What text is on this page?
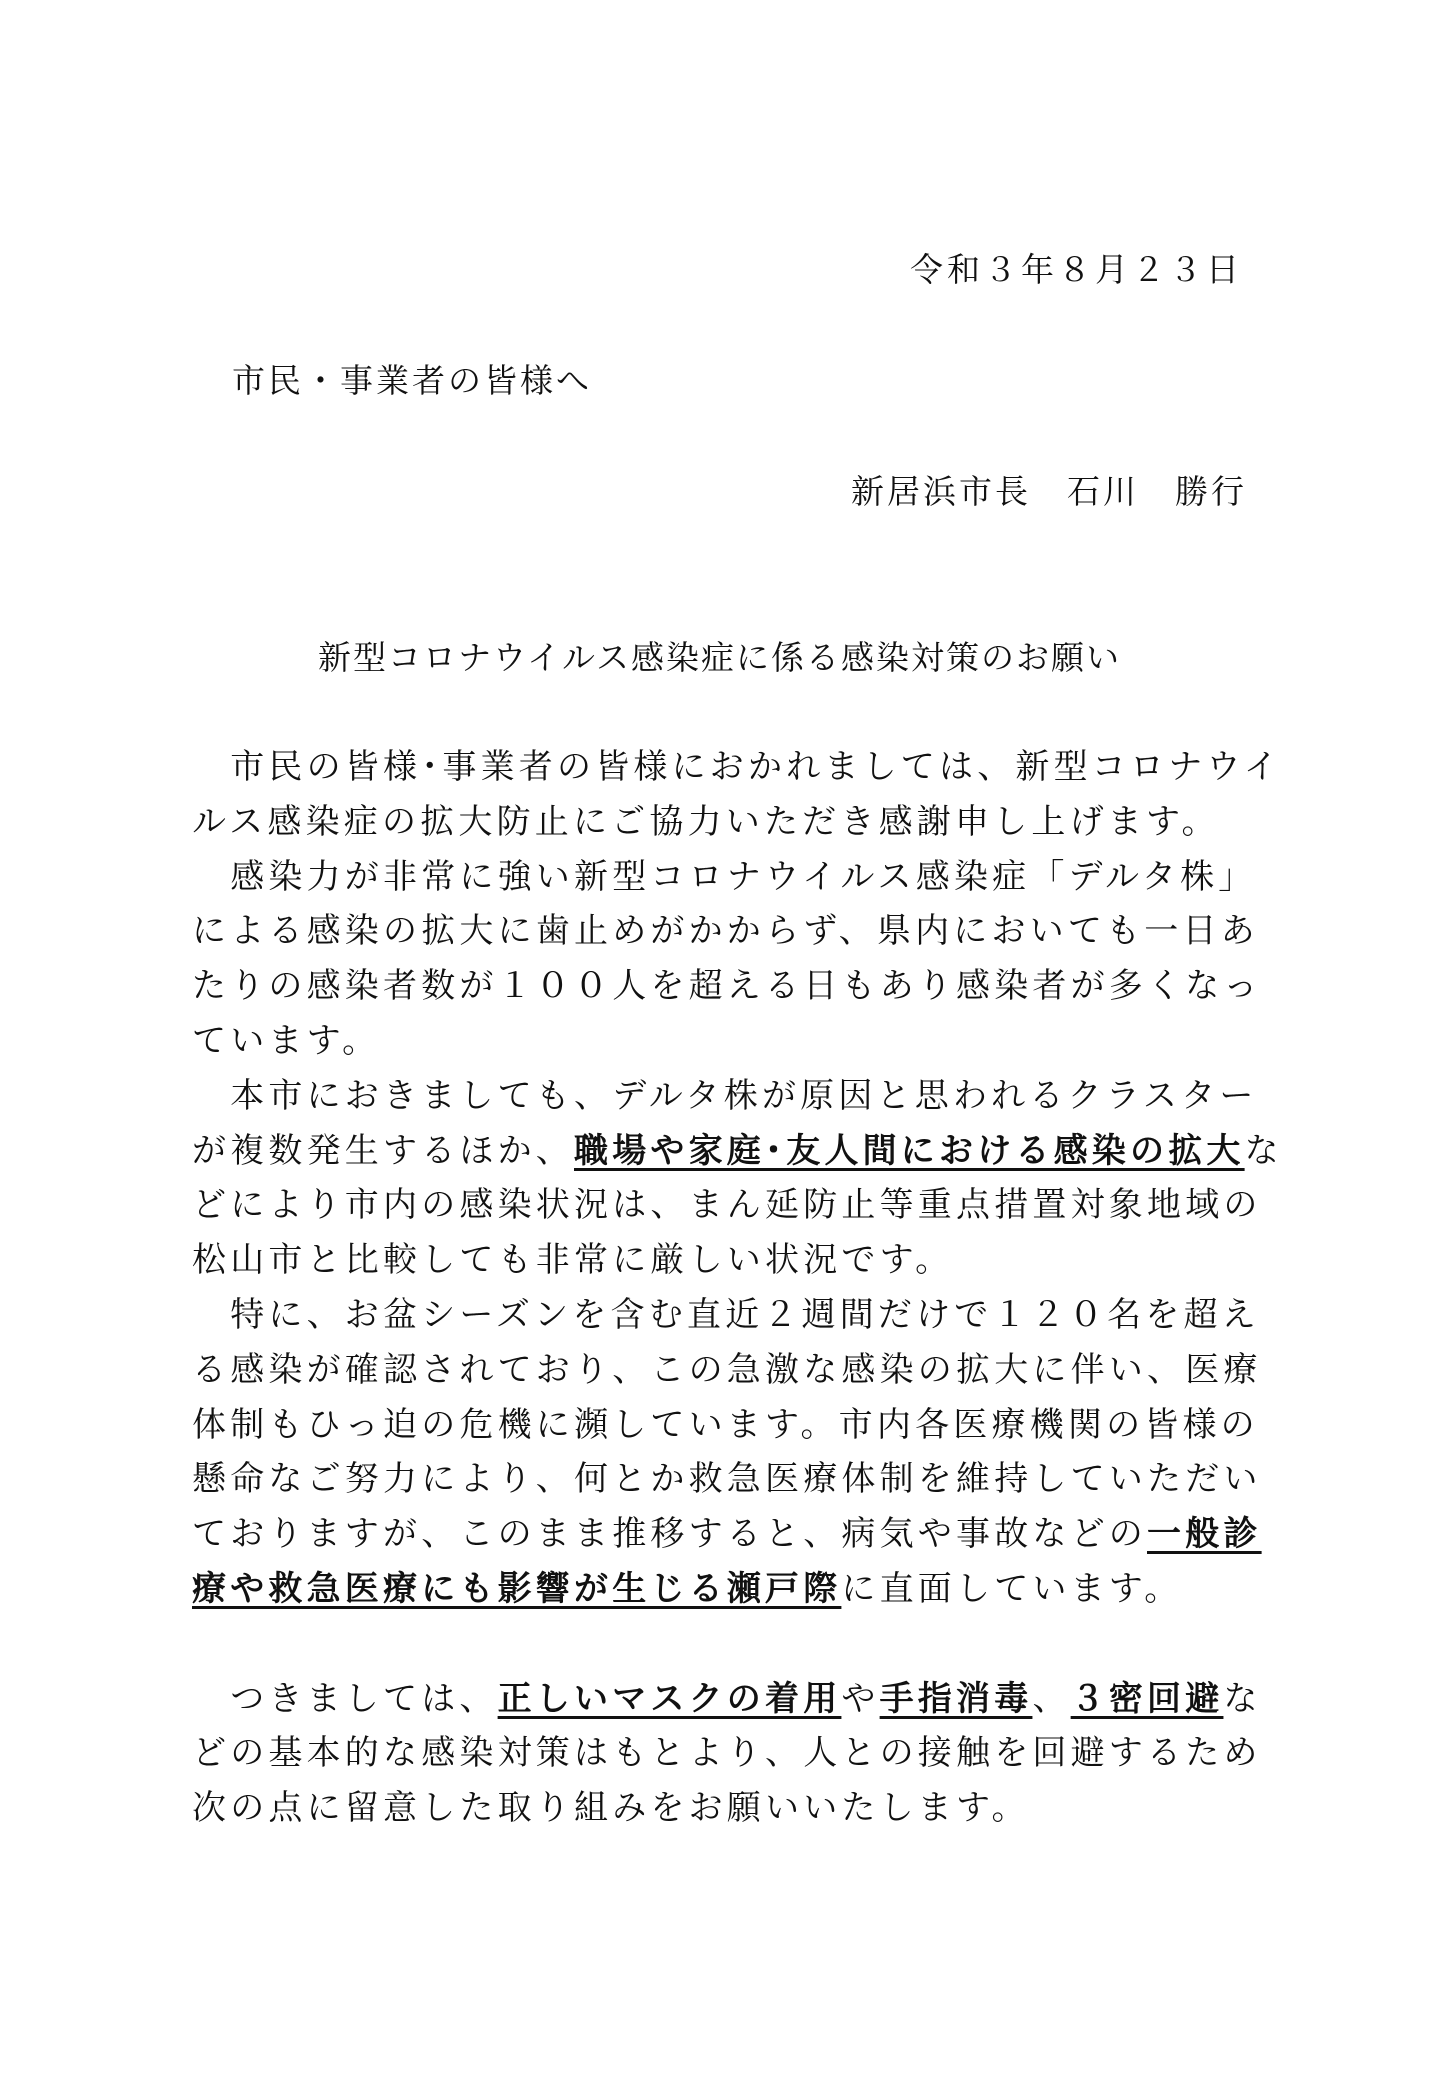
令和３年８月２３日
市民・事業者の皆様へ
新居浜市長　石川　勝行
新型コロナウイルス感染症に係る感染対策のお願い
　市民の皆様･事業者の皆様におかれましては、新型コロナウイ
ルス感染症の拡大防止にご協力いただき感謝申し上げます。
　感染力が非常に強い新型コロナウイルス感染症「デルタ株」
による感染の拡大に歯止めがかからず、県内においても一日あ
たりの感染者数が１００人を超える日もあり感染者が多くなっ
ています。
　本市におきましても、デルタ株が原因と思われるクラスター
が複数発生するほか、職場や家庭･友人間における感染の拡大な
どにより市内の感染状況は、まん延防止等重点措置対象地域の
松山市と比較しても非常に厳しい状況です。
　特に、お盆シーズンを含む直近２週間だけで１２０名を超え
る感染が確認されており、この急激な感染の拡大に伴い、医療
体制もひっ迫の危機に瀕しています。市内各医療機関の皆様の
懸命なご努力により、何とか救急医療体制を維持していただい
ておりますが、このまま推移すると、病気や事故などの一般診
療や救急医療にも影響が生じる瀬戸際に直面しています。
　つきましては、正しいマスクの着用や手指消毒、３密回避な
どの基本的な感染対策はもとより、人との接触を回避するため
次の点に留意した取り組みをお願いいたします。
